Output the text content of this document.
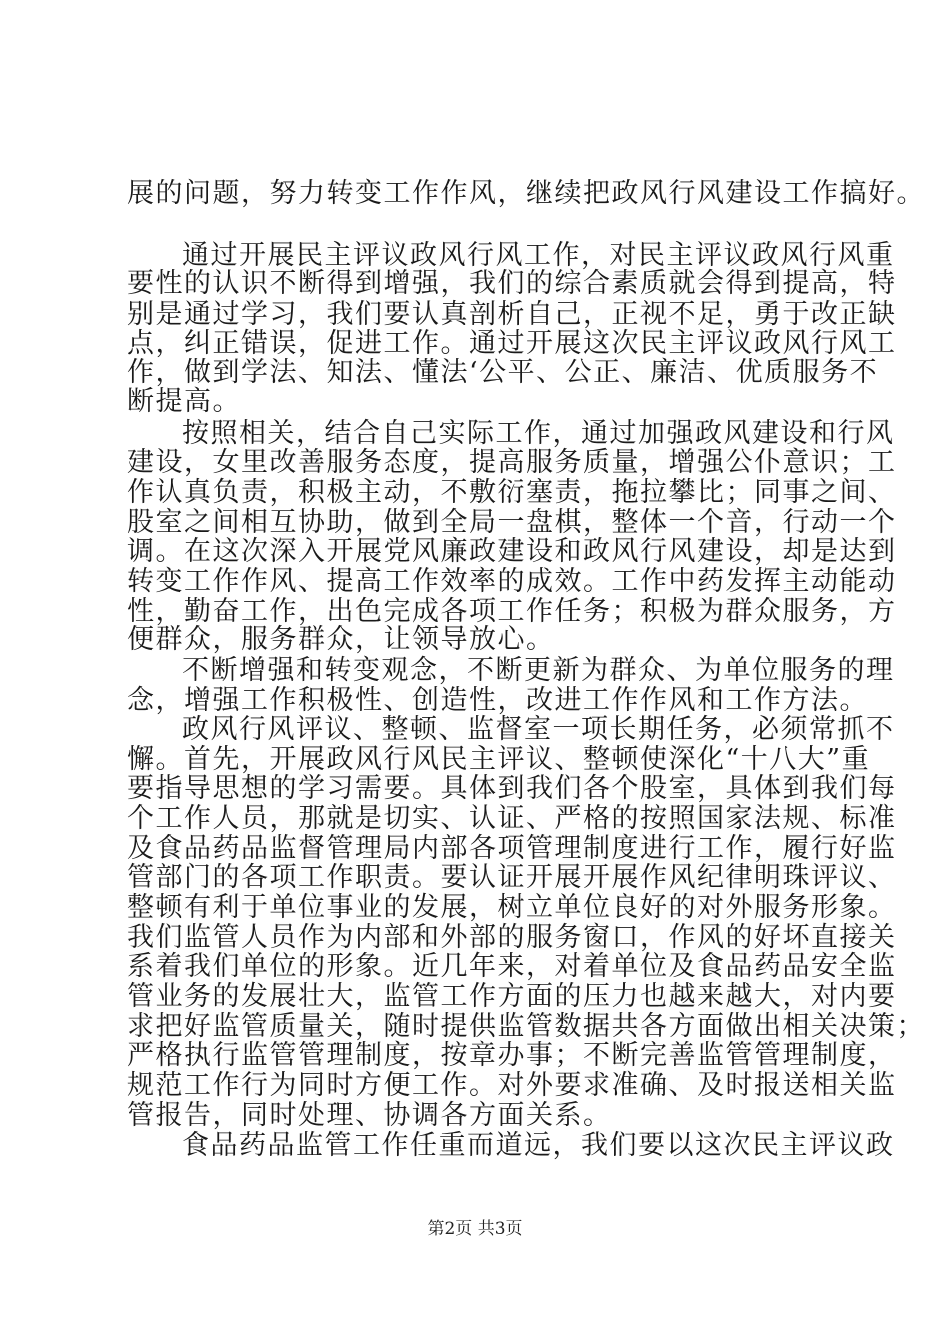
展的问题，努力转变工作作风，继续把政风行风建设工作搞好。

通过开展民主评议政风行风工作，对民主评议政风行风重

要性的认识不断得到增强，我们的综合素质就会得到提高，特

别是通过学习，我们要认真剖析自己，正视不足，勇于改正缺

点，纠正错误，促进工作。通过开展这次民主评议政风行风工

作，做到学法、知法、懂法‘公平、公正、廉洁、优质服务不

断提高。

按照相关，结合自己实际工作，通过加强政风建设和行风

建设，女里改善服务态度，提高服务质量，增强公仆意识；工

作认真负责，积极主动，不敷衍塞责，拖拉攀比；同事之间、

股室之间相互协助，做到全局一盘棋，整体一个音，行动一个

调。在这次深入开展党风廉政建设和政风行风建设，却是达到

转变工作作风、提高工作效率的成效。工作中药发挥主动能动

性，勤奋工作，出色完成各项工作任务；积极为群众服务，方

便群众，服务群众，让领导放心。

不断增强和转变观念，不断更新为群众、为单位服务的理

念，增强工作积极性、创造性，改进工作作风和工作方法。

政风行风评议、整顿、监督室一项长期任务，必须常抓不

懈。首先，开展政风行风民主评议、整顿使深化“十八大”重

要指导思想的学习需要。具体到我们各个股室，具体到我们每

个工作人员，那就是切实、认证、严格的按照国家法规、标准

及食品药品监督管理局内部各项管理制度进行工作，履行好监

管部门的各项工作职责。要认证开展开展作风纪律明珠评议、

整顿有利于单位事业的发展，树立单位良好的对外服务形象。

我们监管人员作为内部和外部的服务窗口，作风的好坏直接关

系着我们单位的形象。近几年来，对着单位及食品药品安全监

管业务的发展壮大，监管工作方面的压力也越来越大，对内要

求把好监管质量关，随时提供监管数据共各方面做出相关决策；

严格执行监管管理制度，按章办事；不断完善监管管理制度，

规范工作行为同时方便工作。对外要求准确、及时报送相关监

管报告，同时处理、协调各方面关系。

食品药品监管工作任重而道远，我们要以这次民主评议政

第2页 共3页
